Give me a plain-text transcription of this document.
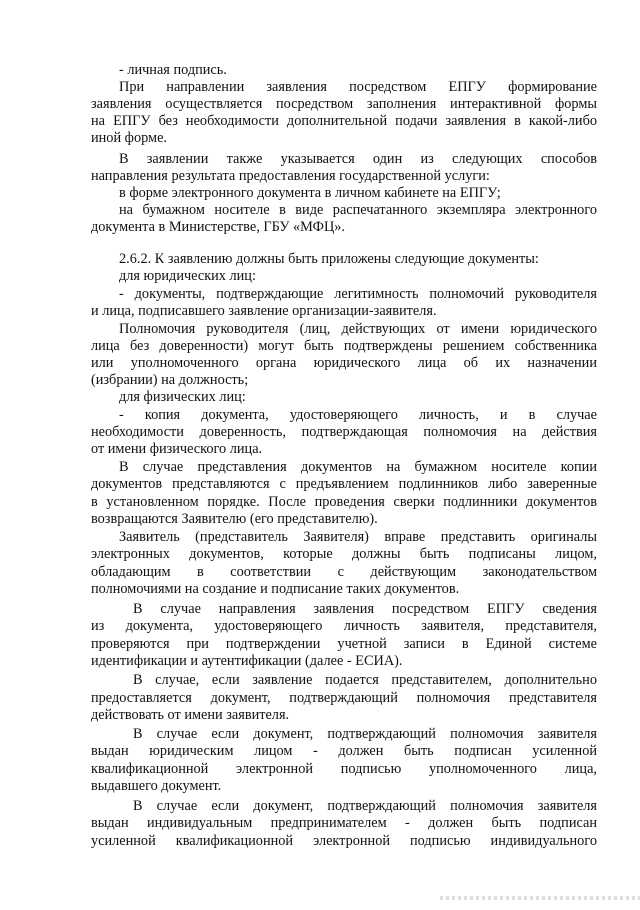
- личная подпись.
При направлении заявления посредством ЕПГУ формирование
заявления осуществляется посредством заполнения интерактивной формы
на ЕПГУ без необходимости дополнительной подачи заявления в какой-либо
иной форме.
В заявлении также указывается один из следующих способов
направления результата предоставления государственной услуги:
в форме электронного документа в личном кабинете на ЕПГУ;
на бумажном носителе в виде распечатанного экземпляра электронного
документа в Министерстве, ГБУ «МФЦ».
2.6.2. К заявлению должны быть приложены следующие документы:
для юридических лиц:
- документы, подтверждающие легитимность полномочий руководителя
и лица, подписавшего заявление организации-заявителя.
Полномочия руководителя (лиц, действующих от имени юридического
лица без доверенности) могут быть подтверждены решением собственника
или уполномоченного органа юридического лица об их назначении
(избрании) на должность;
для физических лиц:
- копия документа, удостоверяющего личность, и в случае
необходимости доверенность, подтверждающая полномочия на действия
от имени физического лица.
В случае представления документов на бумажном носителе копии
документов представляются с предъявлением подлинников либо заверенные
в установленном порядке. После проведения сверки подлинники документов
возвращаются Заявителю (его представителю).
Заявитель (представитель Заявителя) вправе представить оригиналы
электронных документов, которые должны быть подписаны лицом,
обладающим в соответствии с действующим законодательством
полномочиями на создание и подписание таких документов.
В случае направления заявления посредством ЕПГУ сведения
из документа, удостоверяющего личность заявителя, представителя,
проверяются при подтверждении учетной записи в Единой системе
идентификации и аутентификации (далее - ЕСИА).
В случае, если заявление подается представителем, дополнительно
предоставляется документ, подтверждающий полномочия представителя
действовать от имени заявителя.
В случае если документ, подтверждающий полномочия заявителя
выдан юридическим лицом - должен быть подписан усиленной
квалификационной электронной подписью уполномоченного лица,
выдавшего документ.
В случае если документ, подтверждающий полномочия заявителя
выдан индивидуальным предпринимателем - должен быть подписан
усиленной квалификационной электронной подписью индивидуального
